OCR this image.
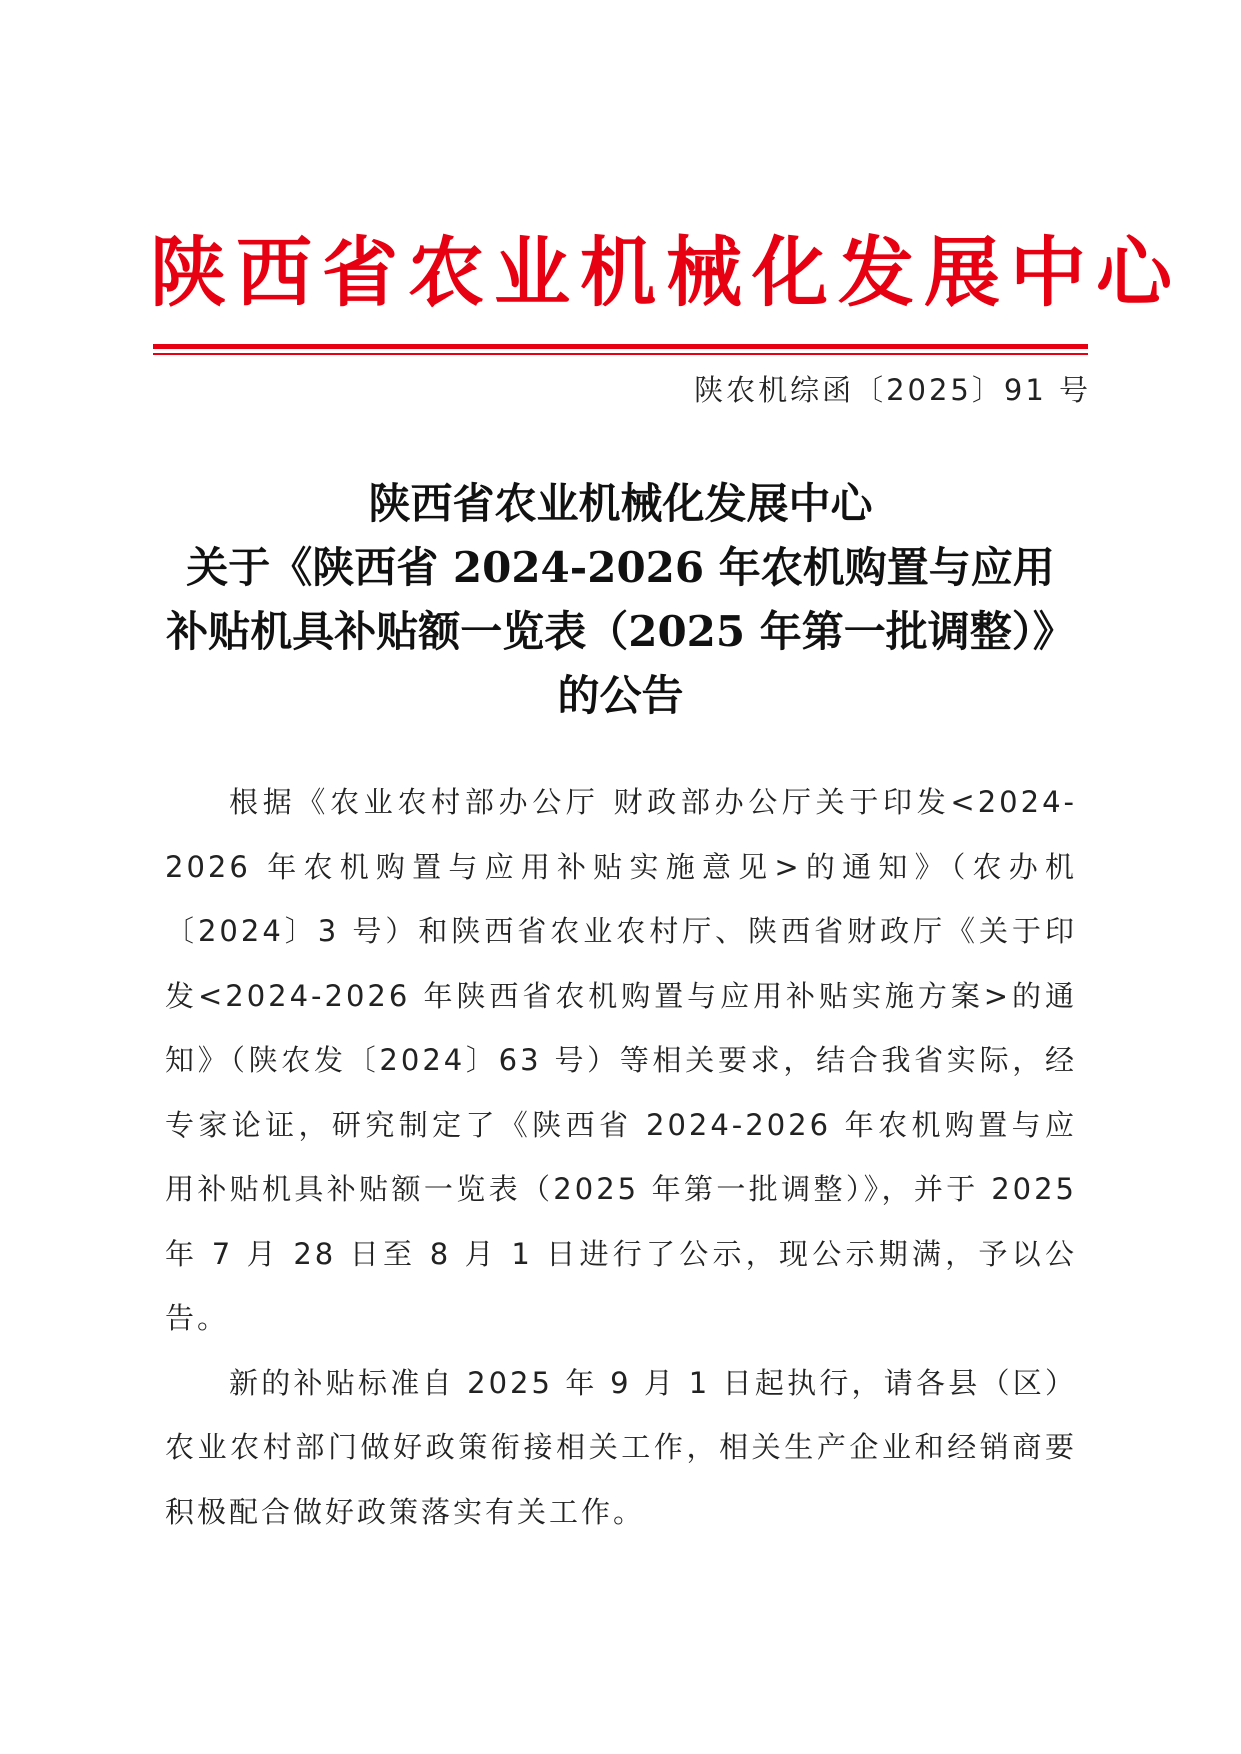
陕西省农业机械化发展中心
陕农机综函〔2025〕91 号
陕西省农业机械化发展中心
关于《陕西省 2024-2026 年农机购置与应用
补贴机具补贴额一览表（2025 年第一批调整）》
的公告

根据《农业农村部办公厅 财政部办公厅关于印发<2024-2026 年农机购置与应用补贴实施意见>的通知》（农办机〔2024〕3 号）和陕西省农业农村厅、陕西省财政厅《关于印发<2024-2026 年陕西省农机购置与应用补贴实施方案>的通知》（陕农发〔2024〕63 号）等相关要求，结合我省实际，经专家论证，研究制定了《陕西省 2024-2026 年农机购置与应用补贴机具补贴额一览表（2025 年第一批调整）》，并于 2025 年 7 月 28 日至 8 月 1 日进行了公示，现公示期满，予以公告。

新的补贴标准自 2025 年 9 月 1 日起执行，请各县（区）农业农村部门做好政策衔接相关工作，相关生产企业和经销商要积极配合做好政策落实有关工作。
